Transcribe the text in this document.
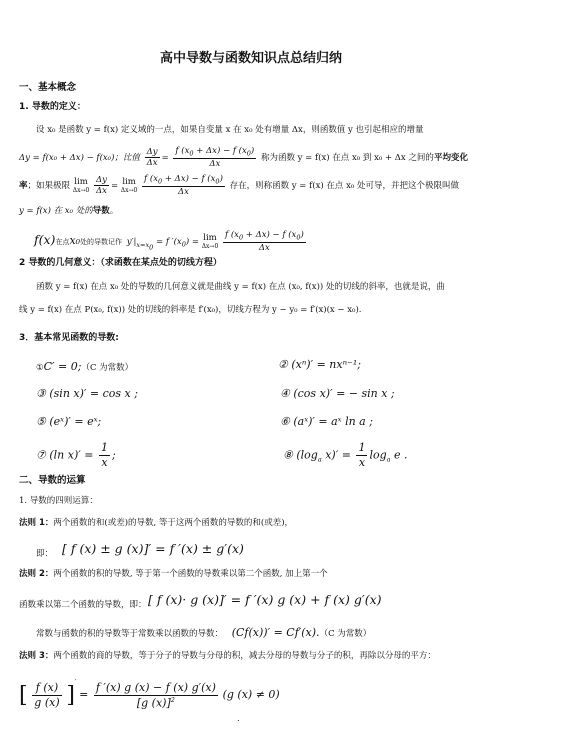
高中导数与函数知识点总结归纳
一、基本概念
1. 导数的定义：
设 x₀ 是函数 y = f(x) 定义域的一点，如果自变量 x 在 x₀ 处有增量 Δx，则函数值 y 也引起相应的增量
Δy = f(x₀ + Δx) − f(x₀)；比值 $\frac{\Delta y}{\Delta x} = \frac{f (x_0 + \Delta x) - f (x_0)}{\Delta x}$ 称为函数 y = f(x) 在点 x₀ 到 x₀ + Δx 之间的平均变化
率；如果极限 lim
Δx→0
$\frac{\Delta y}{\Delta x} = \lim$
Δx→0
$\frac{f (x_0 + \Delta x) - f (x_0)}{\Delta x}$ 存在，则称函数 y = f(x) 在点 x₀ 处可导，并把这个极限叫做
y = f(x) 在 x₀ 处的导数。
f(x)在点x₀处的导数记作 $y'|_{x=x_0} = f$ $'(x_0) = \lim$
Δx→0
$\frac{f (x_0 + \Delta x) - f (x_0)}{\Delta x}$
2 导数的几何意义：（求函数在某点处的切线方程）
函数 y = f(x) 在点 x₀ 处的导数的几何意义就是曲线 y = f(x) 在点 (x₀, f(x)) 处的切线的斜率，也就是说，曲
线 y = f(x) 在点 P(x₀, f(x)) 处的切线的斜率是 f′(x₀)，切线方程为 y − y₀ = f′(x)(x − x₀).
3．基本常见函数的导数:
①C′ = 0;（C 为常数）	② (xⁿ)′ = nxⁿ⁻¹;
③ (sin x)′ = cos x ;	④ (cos x)′ = − sin x ;
⑤ (eˣ)′ = eˣ;	⑥ (aˣ)′ = aˣ ln a ;
⑦ (ln $x)' = \frac{1}{x}$ ;	⑧ ($\log_a$ $x)' = \frac{1}{x} \log_a e$ .
二、导数的运算
1. 导数的四则运算：
法则 1：两个函数的和(或差)的导数, 等于这两个函数的导数的和(或差)，
即： [ f (x) ± g (x)]′ = f ′(x) ± g′(x)
法则 2：两个函数的积的导数, 等于第一个函数的导数乘以第二个函数, 加上第一个
函数乘以第二个函数的导数，即： [ f (x)· g (x)]′ = f ′(x) g (x) + f (x) g′(x)
常数与函数的积的导数等于常数乘以函数的导数： (Cf(x))′ = Cf′(x).（C 为常数）
法则 3：两个函数的商的导数，等于分子的导数与分母的积，减去分母的导数与分子的积，再除以分母的平方：
[ $\frac{f (x)}{g (x)} ]' = \frac{f '(x) g (x) - f (x) g'(x)}{[g (x)]^2} (g$ (x) ≠ 0)
.
